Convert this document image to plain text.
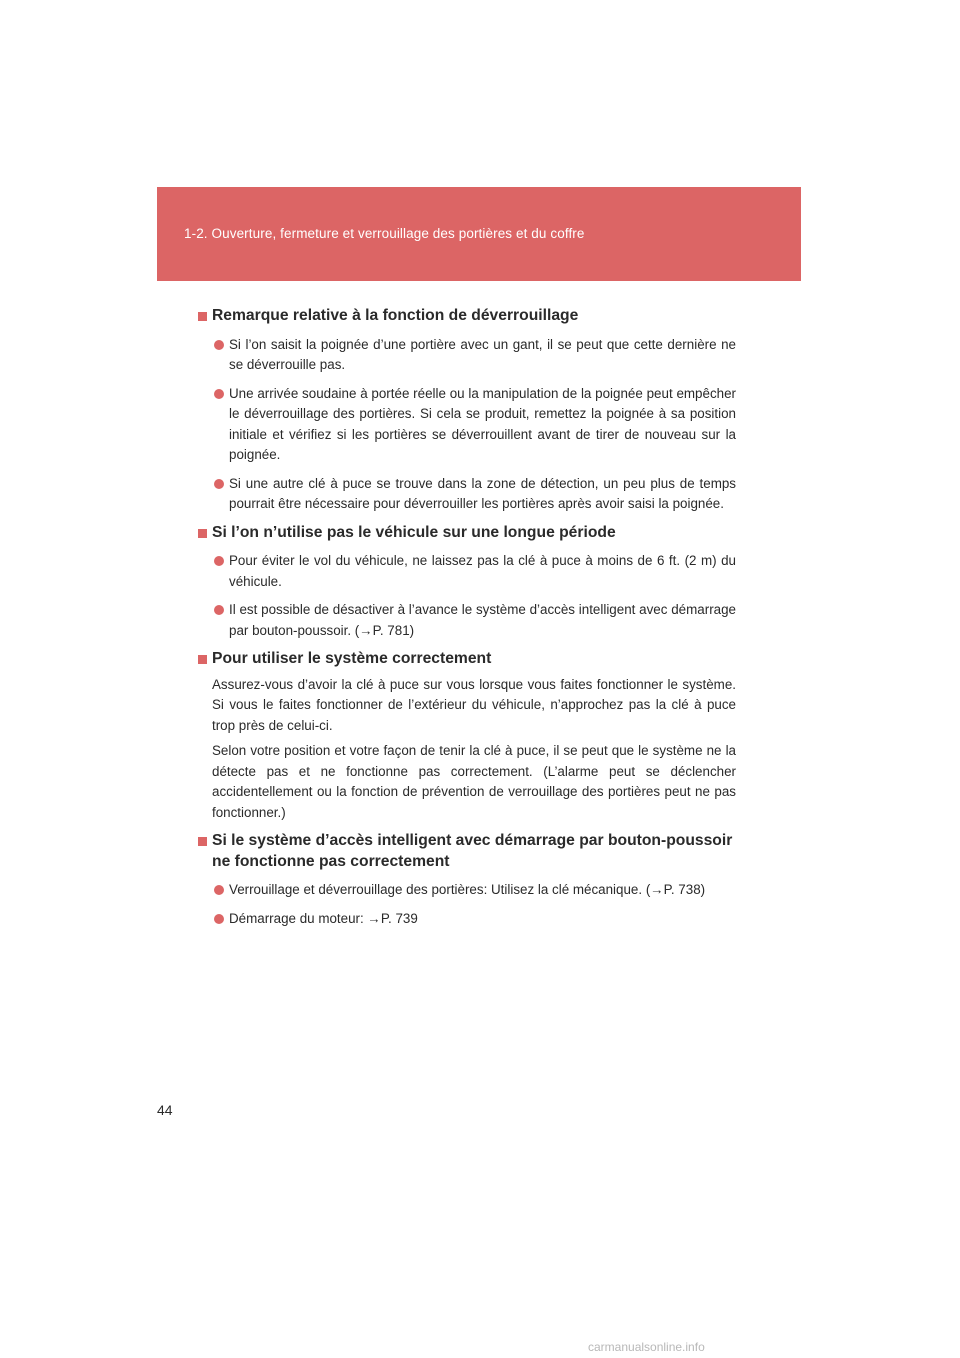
1-2. Ouverture, fermeture et verrouillage des portières et du coffre
Remarque relative à la fonction de déverrouillage
Si l’on saisit la poignée d’une portière avec un gant, il se peut que cette dernière ne se déverrouille pas.
Une arrivée soudaine à portée réelle ou la manipulation de la poignée peut empêcher le déverrouillage des portières. Si cela se produit, remettez la poignée à sa position initiale et vérifiez si les portières se déverrouillent avant de tirer de nouveau sur la poignée.
Si une autre clé à puce se trouve dans la zone de détection, un peu plus de temps pourrait être nécessaire pour déverrouiller les portières après avoir saisi la poignée.
Si l’on n’utilise pas le véhicule sur une longue période
Pour éviter le vol du véhicule, ne laissez pas la clé à puce à moins de 6 ft. (2 m) du véhicule.
Il est possible de désactiver à l’avance le système d’accès intelligent avec démarrage par bouton-poussoir. (→P. 781)
Pour utiliser le système correctement

Assurez-vous d’avoir la clé à puce sur vous lorsque vous faites fonctionner le système. Si vous le faites fonctionner de l’extérieur du véhicule, n’approchez pas la clé à puce trop près de celui-ci.

Selon votre position et votre façon de tenir la clé à puce, il se peut que le système ne la détecte pas et ne fonctionne pas correctement. (L’alarme peut se déclencher accidentellement ou la fonction de prévention de verrouillage des portières peut ne pas fonctionner.)

Si le système d’accès intelligent avec démarrage par bouton-poussoir ne fonctionne pas correctement
Verrouillage et déverrouillage des portières: Utilisez la clé mécanique. (→P. 738)
Démarrage du moteur: →P. 739
44
carmanualsonline.info
